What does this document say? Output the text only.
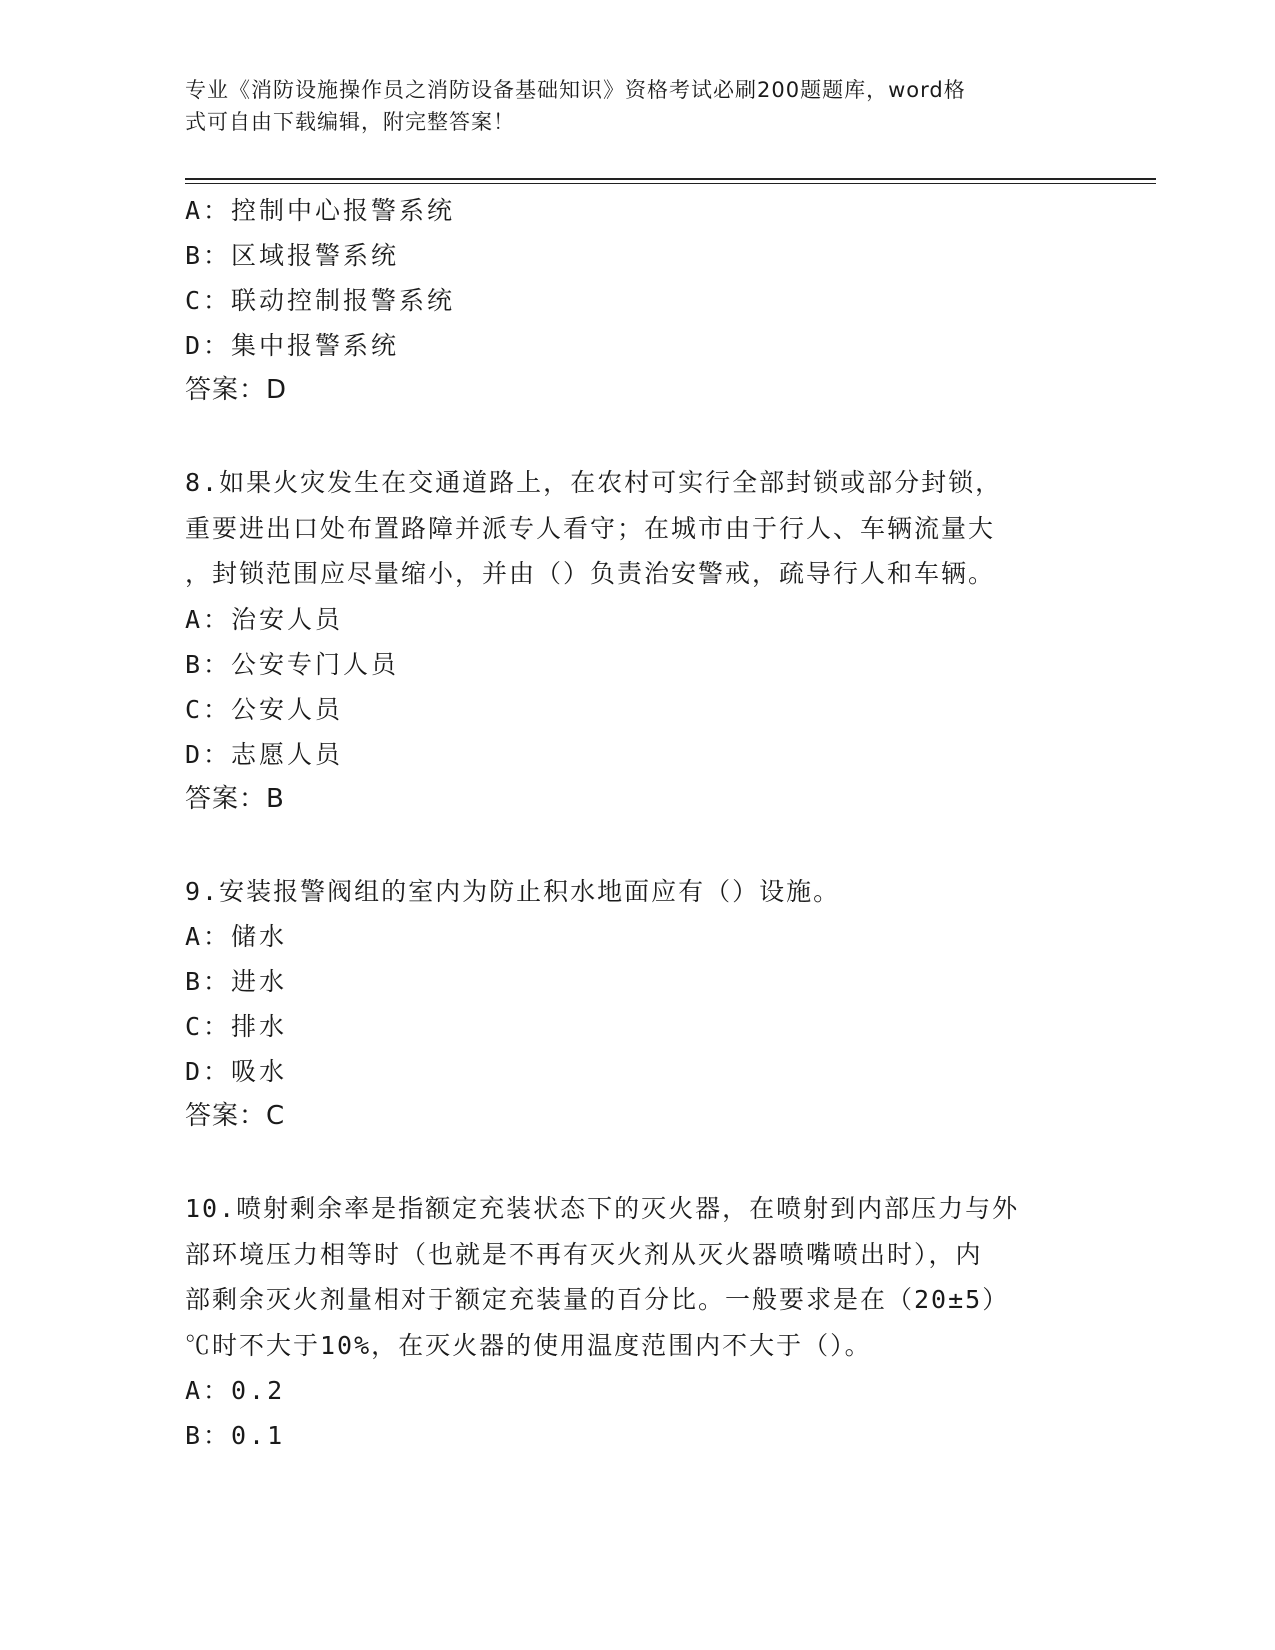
专业《消防设施操作员之消防设备基础知识》资格考试必刷200题题库，word格
式可自由下载编辑，附完整答案！
A：控制中心报警系统
B：区域报警系统
C：联动控制报警系统
D：集中报警系统
答案：D
8.如果火灾发生在交通道路上，在农村可实行全部封锁或部分封锁，
重要进出口处布置路障并派专人看守；在城市由于行人、车辆流量大
，封锁范围应尽量缩小，并由（）负责治安警戒，疏导行人和车辆。
A：治安人员
B：公安专门人员
C：公安人员
D：志愿人员
答案：B
9.安装报警阀组的室内为防止积水地面应有（）设施。
A：储水
B：进水
C：排水
D：吸水
答案：C
10.喷射剩余率是指额定充装状态下的灭火器，在喷射到内部压力与外
部环境压力相等时（也就是不再有灭火剂从灭火器喷嘴喷出时），内
部剩余灭火剂量相对于额定充装量的百分比。一般要求是在（20±5）
℃时不大于10%，在灭火器的使用温度范围内不大于（）。
A：0.2
B：0.1
